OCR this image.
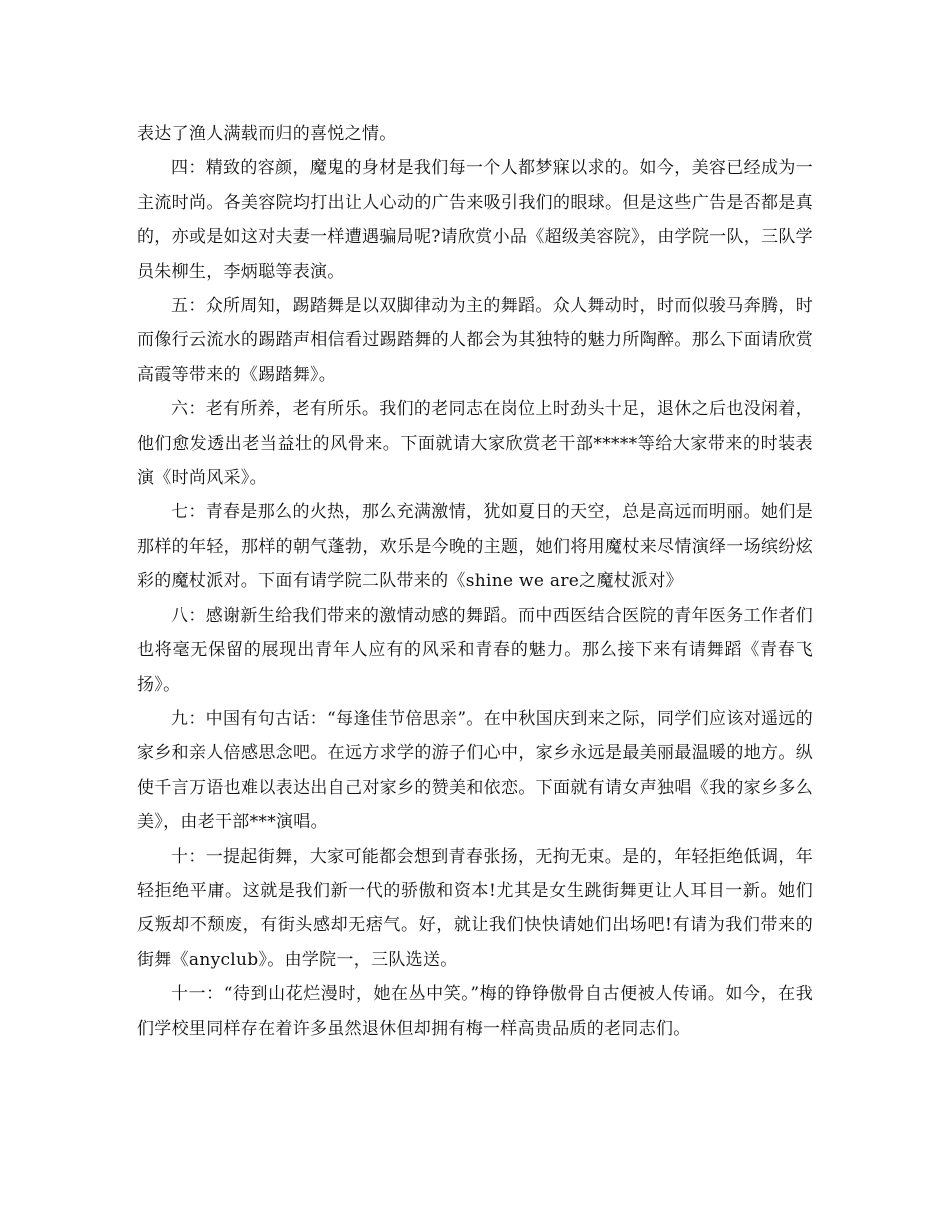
表达了渔人满载而归的喜悦之情。

四：精致的容颜，魔鬼的身材是我们每一个人都梦寐以求的。如今，美容已经成为一主流时尚。各美容院均打出让人心动的广告来吸引我们的眼球。但是这些广告是否都是真的，亦或是如这对夫妻一样遭遇骗局呢?请欣赏小品《超级美容院》，由学院一队，三队学员朱柳生，李炳聪等表演。

五：众所周知，踢踏舞是以双脚律动为主的舞蹈。众人舞动时，时而似骏马奔腾，时而像行云流水的踢踏声相信看过踢踏舞的人都会为其独特的魅力所陶醉。那么下面请欣赏高霞等带来的《踢踏舞》。

六：老有所养，老有所乐。我们的老同志在岗位上时劲头十足，退休之后也没闲着，他们愈发透出老当益壮的风骨来。下面就请大家欣赏老干部*****等给大家带来的时装表演《时尚风采》。

七：青春是那么的火热，那么充满激情，犹如夏日的天空，总是高远而明丽。她们是那样的年轻，那样的朝气蓬勃，欢乐是今晚的主题，她们将用魔杖来尽情演绎一场缤纷炫彩的魔杖派对。下面有请学院二队带来的《shine we are之魔杖派对》

八：感谢新生给我们带来的激情动感的舞蹈。而中西医结合医院的青年医务工作者们也将毫无保留的展现出青年人应有的风采和青春的魅力。那么接下来有请舞蹈《青春飞扬》。

九：中国有句古话：“每逢佳节倍思亲”。在中秋国庆到来之际，同学们应该对遥远的家乡和亲人倍感思念吧。在远方求学的游子们心中，家乡永远是最美丽最温暖的地方。纵使千言万语也难以表达出自己对家乡的赞美和依恋。下面就有请女声独唱《我的家乡多么美》，由老干部***演唱。

十：一提起街舞，大家可能都会想到青春张扬，无拘无束。是的，年轻拒绝低调，年轻拒绝平庸。这就是我们新一代的骄傲和资本!尤其是女生跳街舞更让人耳目一新。她们反叛却不颓废，有街头感却无痞气。好，就让我们快快请她们出场吧!有请为我们带来的街舞《anyclub》。由学院一，三队选送。

十一：“待到山花烂漫时，她在丛中笑。”梅的铮铮傲骨自古便被人传诵。如今，在我们学校里同样存在着许多虽然退休但却拥有梅一样高贵品质的老同志们。
